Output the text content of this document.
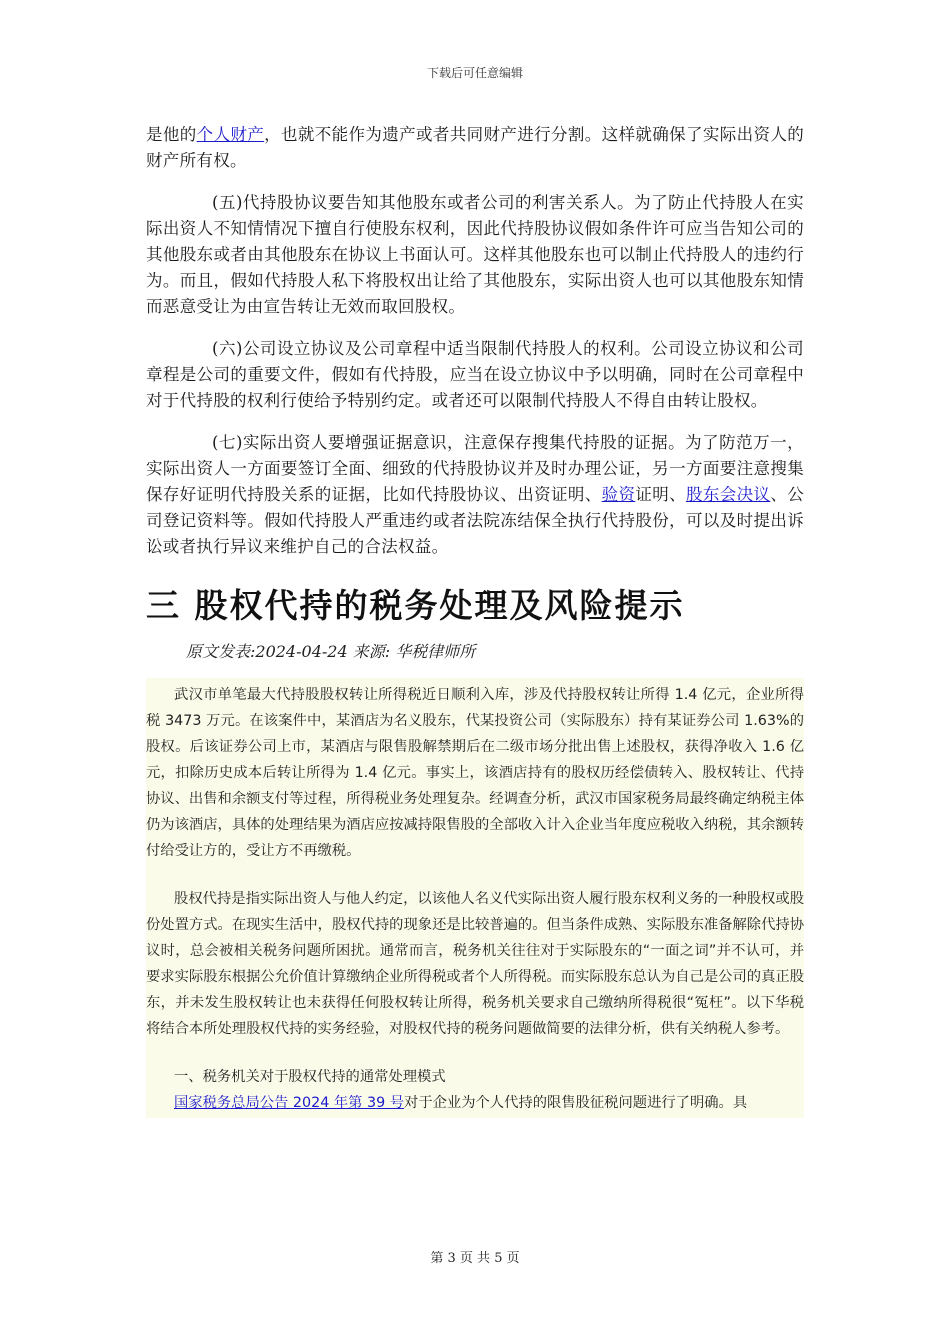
下载后可任意编辑

是他的个人财产，也就不能作为遗产或者共同财产进行分割。这样就确保了实际出资人的财产所有权。

(五)代持股协议要告知其他股东或者公司的利害关系人。为了防止代持股人在实际出资人不知情情况下擅自行使股东权利，因此代持股协议假如条件许可应当告知公司的其他股东或者由其他股东在协议上书面认可。这样其他股东也可以制止代持股人的违约行为。而且，假如代持股人私下将股权出让给了其他股东，实际出资人也可以其他股东知情而恶意受让为由宣告转让无效而取回股权。

(六)公司设立协议及公司章程中适当限制代持股人的权利。公司设立协议和公司章程是公司的重要文件，假如有代持股，应当在设立协议中予以明确，同时在公司章程中对于代持股的权利行使给予特别约定。或者还可以限制代持股人不得自由转让股权。

(七)实际出资人要增强证据意识，注意保存搜集代持股的证据。为了防范万一，实际出资人一方面要签订全面、细致的代持股协议并及时办理公证，另一方面要注意搜集保存好证明代持股关系的证据，比如代持股协议、出资证明、验资证明、股东会决议、公司登记资料等。假如代持股人严重违约或者法院冻结保全执行代持股份，可以及时提出诉讼或者执行异议来维护自己的合法权益。

三 股权代持的税务处理及风险提示
原文发表:2024-04-24 来源: 华税律师所

武汉市单笔最大代持股股权转让所得税近日顺利入库，涉及代持股权转让所得 1.4 亿元，企业所得税 3473 万元。在该案件中，某酒店为名义股东，代某投资公司（实际股东）持有某证券公司 1.63%的股权。后该证券公司上市，某酒店与限售股解禁期后在二级市场分批出售上述股权，获得净收入 1.6 亿元，扣除历史成本后转让所得为 1.4 亿元。事实上，该酒店持有的股权历经偿债转入、股权转让、代持协议、出售和余额支付等过程，所得税业务处理复杂。经调查分析，武汉市国家税务局最终确定纳税主体仍为该酒店，具体的处理结果为酒店应按减持限售股的全部收入计入企业当年度应税收入纳税，其余额转付给受让方的，受让方不再缴税。

股权代持是指实际出资人与他人约定，以该他人名义代实际出资人履行股东权利义务的一种股权或股份处置方式。在现实生活中，股权代持的现象还是比较普遍的。但当条件成熟、实际股东准备解除代持协议时，总会被相关税务问题所困扰。通常而言，税务机关往往对于实际股东的“一面之词”并不认可，并要求实际股东根据公允价值计算缴纳企业所得税或者个人所得税。而实际股东总认为自己是公司的真正股东，并未发生股权转让也未获得任何股权转让所得，税务机关要求自己缴纳所得税很“冤枉”。以下华税将结合本所处理股权代持的实务经验，对股权代持的税务问题做简要的法律分析，供有关纳税人参考。

一、税务机关对于股权代持的通常处理模式

国家税务总局公告 2024 年第 39 号对于企业为个人代持的限售股征税问题进行了明确。具

第 3 页 共 5 页
